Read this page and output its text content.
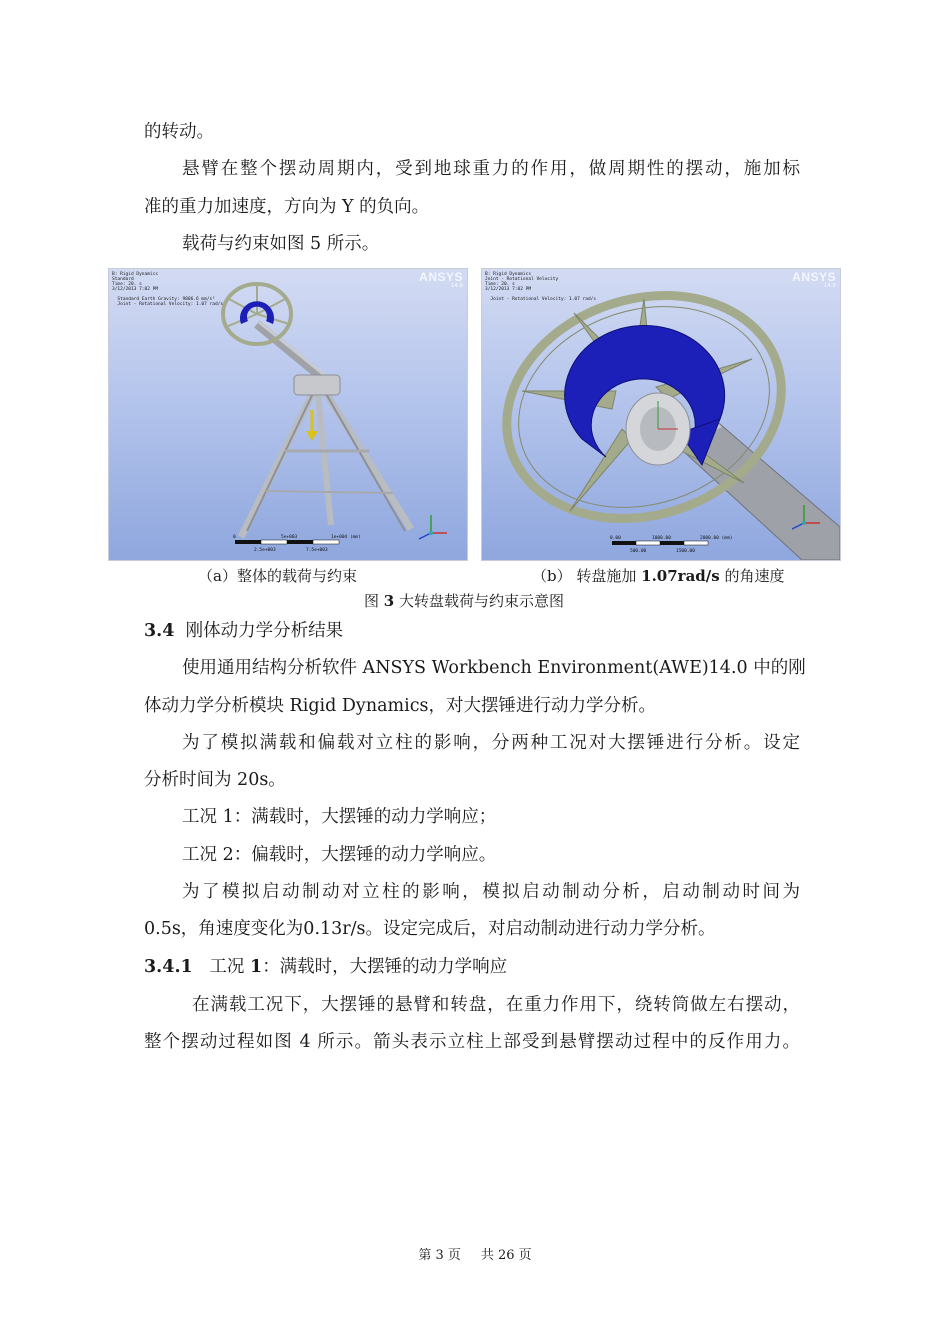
的转动。
悬臂在整个摆动周期内，受到地球重力的作用，做周期性的摆动，施加标
准的重力加速度，方向为 Y 的负向。
载荷与约束如图 5 所示。
0	5e+003	1e+004 (mm)
2.5e+003	7.5e+003
B: Rigid Dynamics
Standard
Time: 20. s
3/12/2013 7:02 PM

Standard Earth Gravity: 9806.6 mm/s²
Joint - Rotational Velocity: 1.07 rad/s
ANSYS
14.0
0.00	1000.00	2000.00 (mm)
500.00	1500.00
B: Rigid Dynamics
Joint - Rotational Velocity
Time: 20. s
3/12/2013 7:02 PM

Joint - Rotational Velocity: 1.07 rad/s
ANSYS
14.0
（a）整体的载荷与约束	（b） 转盘施加 1.07rad/s 的角速度
图 3 大转盘载荷与约束示意图
3.4 刚体动力学分析结果
使用通用结构分析软件 ANSYS Workbench Environment(AWE)14.0 中的刚
体动力学分析模块 Rigid Dynamics，对大摆锤进行动力学分析。
为了模拟满载和偏载对立柱的影响，分两种工况对大摆锤进行分析。设定
分析时间为 20s。
工况 1：满载时，大摆锤的动力学响应；
工况 2：偏载时，大摆锤的动力学响应。
为了模拟启动制动对立柱的影响，模拟启动制动分析，启动制动时间为
0.5s，角速度变化为0.13r/s。设定完成后，对启动制动进行动力学分析。
3.4.1 工况 1：满载时，大摆锤的动力学响应
在满载工况下，大摆锤的悬臂和转盘，在重力作用下，绕转筒做左右摆动，
整个摆动过程如图 4 所示。箭头表示立柱上部受到悬臂摆动过程中的反作用力。
第 3 页 共 26 页
